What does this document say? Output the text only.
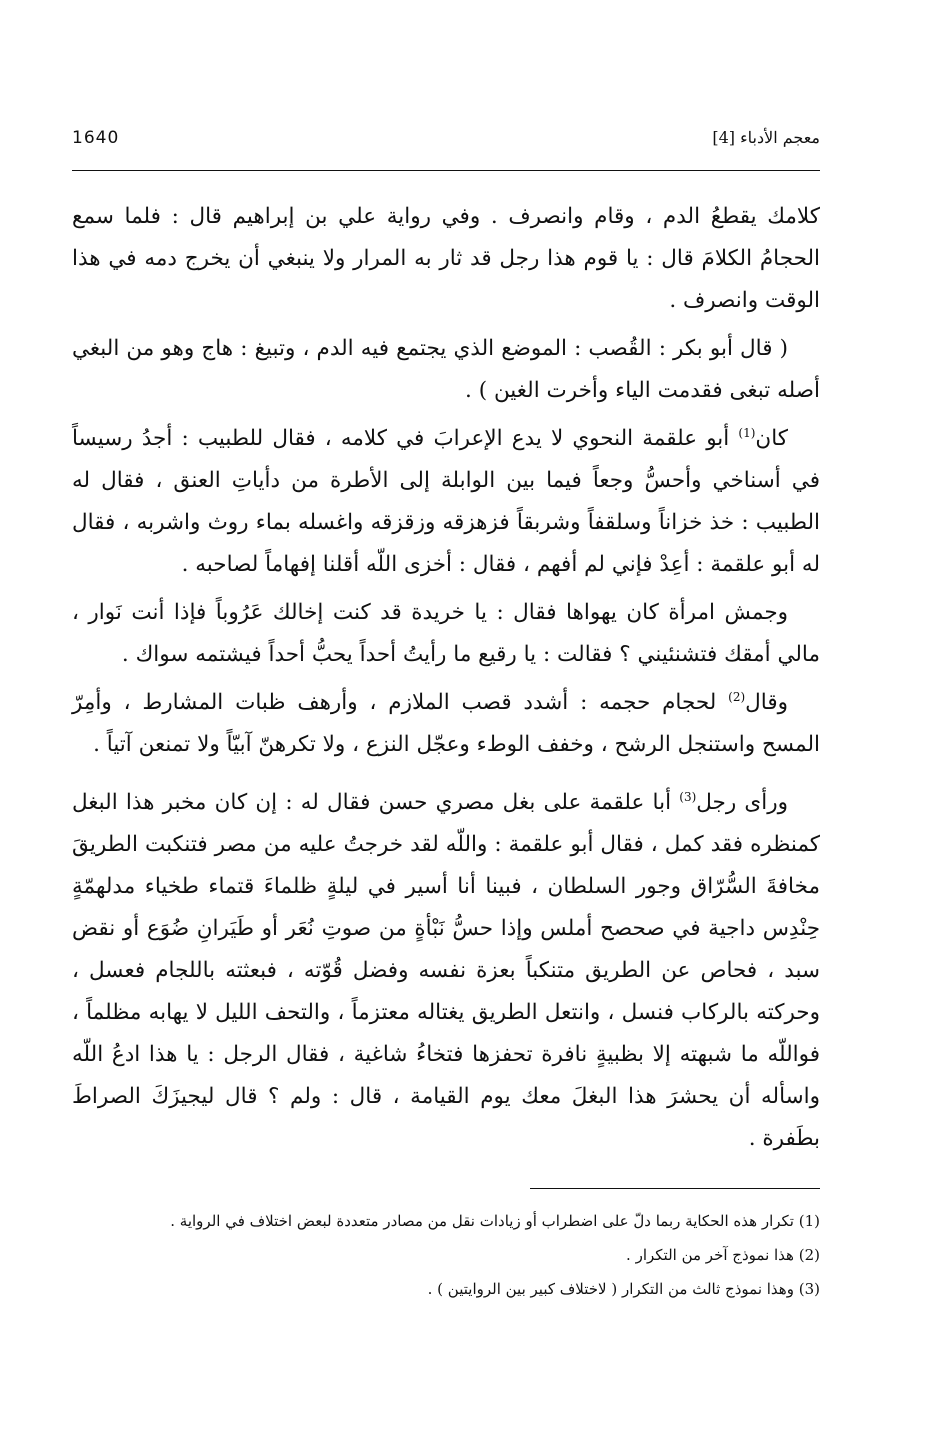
1640	معجم الأدباء [4]

كلامك يقطعُ الدم ، وقام وانصرف . وفي رواية علي بن إبراهيم قال : فلما سمع الحجامُ الكلامَ قال : يا قوم هذا رجل قد ثار به المرار ولا ينبغي أن يخرج دمه في هذا الوقت وانصرف .

( قال أبو بكر : القُصب : الموضع الذي يجتمع فيه الدم ، وتبيغ : هاج وهو من البغي أصله تبغى فقدمت الياء وأخرت الغين ) .

كان$^{(1)}$ أبو علقمة النحوي لا يدع الإعرابَ في كلامه ، فقال للطبيب : أجدُ رسيساً في أسناخي وأحسُّ وجعاً فيما بين الوابلة إلى الأطرة من دأياتِ العنق ، فقال له الطبيب : خذ خزاناً وسلقفاً وشربقاً فزهزقه وزقزقه واغسله بماء روث واشربه ، فقال له أبو علقمة : أعِدْ فإني لم أفهم ، فقال : أخزى اللّه أقلنا إفهاماً لصاحبه .

وجمش امرأة كان يهواها فقال : يا خريدة قد كنت إخالك عَرُوباً فإذا أنت نَوار ، مالي أمقك فتشنئيني ؟ فقالت : يا رقيع ما رأيتُ أحداً يحبُّ أحداً فيشتمه سواك .

وقال$^{(2)}$ لحجام حجمه : أشدد قصب الملازم ، وأرهف ظبات المشارط ، وأمِرّ المسح واستنجل الرشح ، وخفف الوطء وعجّل النزع ، ولا تكرهنّ آبيّاً ولا تمنعن آتياً .

ورأى رجل$^{(3)}$ أبا علقمة على بغل مصري حسن فقال له : إن كان مخبر هذا البغل كمنظره فقد كمل ، فقال أبو علقمة : واللّه لقد خرجتُ عليه من مصر فتنكبت الطريقَ مخافةَ السُّرّاق وجور السلطان ، فبينا أنا أسير في ليلةٍ ظلماءَ قتماء طخياء مدلهمّةٍ حِنْدِس داجية في صحصح أملس وإذا حسُّ نَبْأةٍ من صوتِ نُعَر أو طَيَرانِ ضُوَع أو نقض سبد ، فحاص عن الطريق متنكباً بعزة نفسه وفضل قُوّته ، فبعثته باللجام فعسل ، وحركته بالركاب فنسل ، وانتعل الطريق يغتاله معتزماً ، والتحف الليل لا يهابه مظلماً ، فواللّه ما شبهته إلا بظبيةٍ نافرة تحفزها فتخاءُ شاغية ، فقال الرجل : يا هذا ادعُ اللّه واسأله أن يحشرَ هذا البغلَ معك يوم القيامة ، قال : ولم ؟ قال ليجيزَكَ الصراطَ بطَفرة .

(1) تكرار هذه الحكاية ربما دلّ على اضطراب أو زيادات نقل من مصادر متعددة لبعض اختلاف في الرواية .

(2) هذا نموذج آخر من التكرار .

(3) وهذا نموذج ثالث من التكرار ( لاختلاف كبير بين الروايتين ) .
